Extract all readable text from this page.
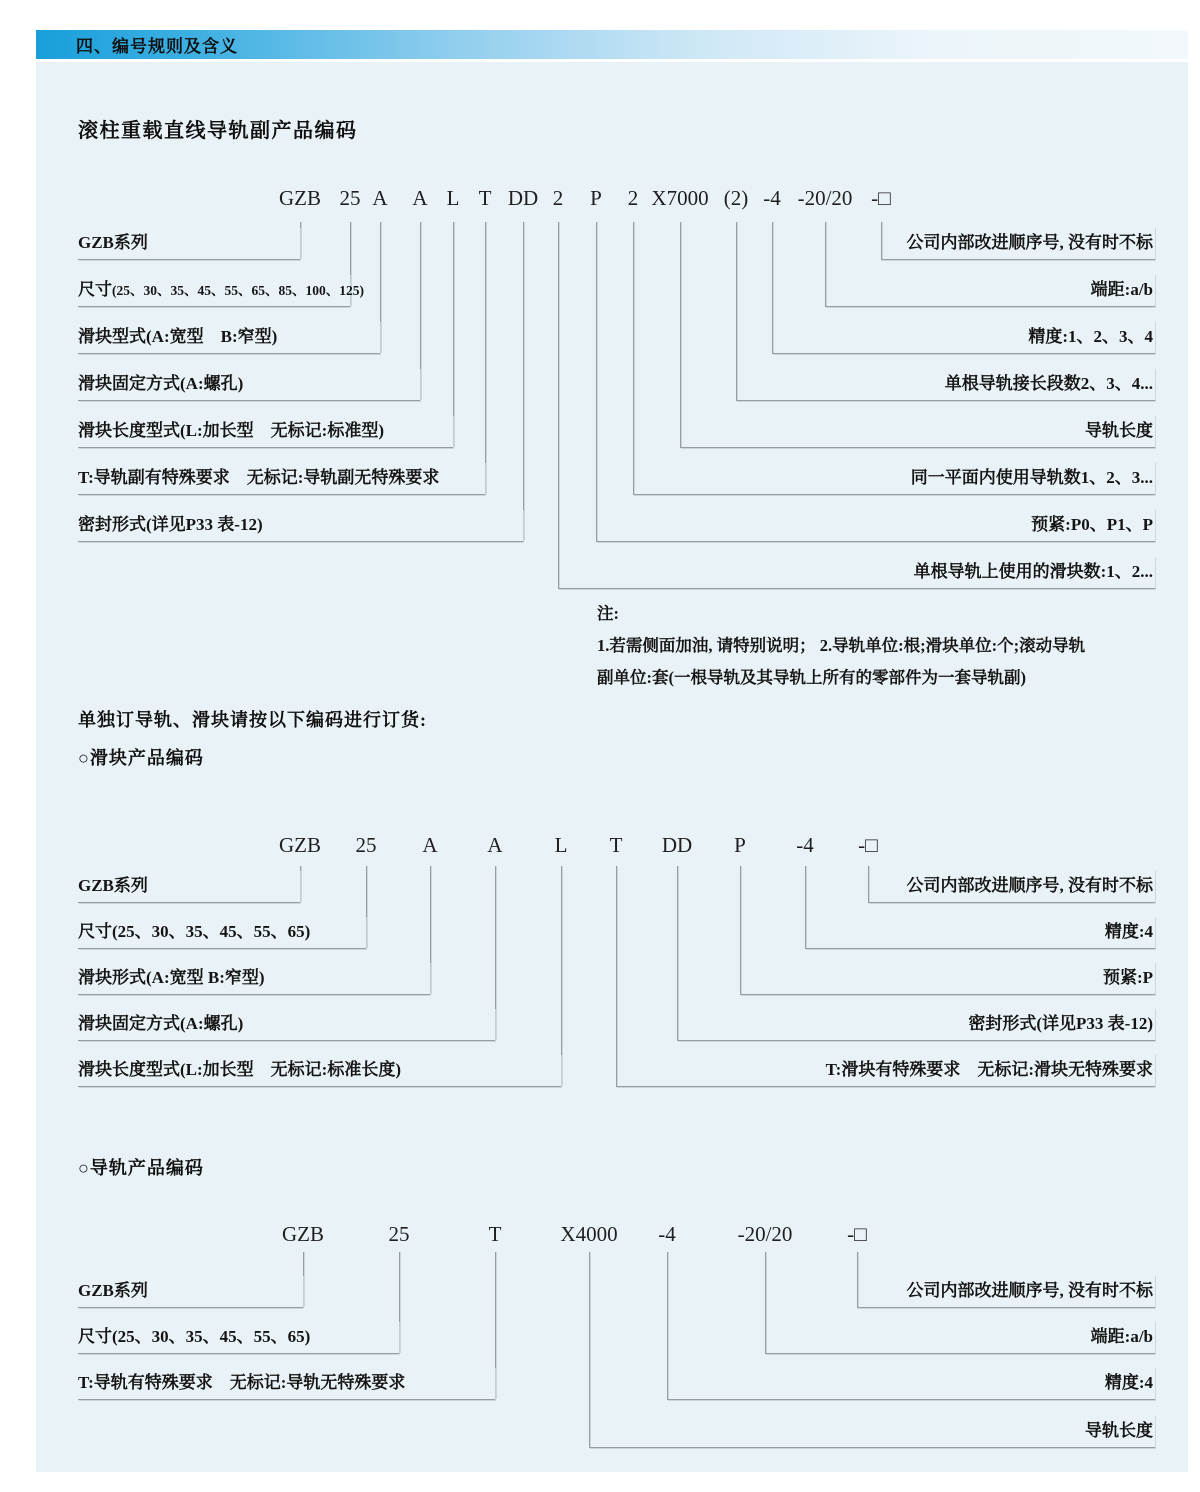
四、编号规则及含义
滚柱重载直线导轨副产品编码
单独订导轨、滑块请按以下编码进行订货:
○滑块产品编码
○导轨产品编码
注:
1.若需侧面加油, 请特别说明； 2.导轨单位:根;滑块单位:个;滚动导轨
副单位:套(一根导轨及其导轨上所有的零部件为一套导轨副)
GZB 25 A A L T DD 2 P 2 X7000 (2) -4 -20/20 -□
GZB系列
尺寸(25、30、35、45、55、65、85、100、125)
滑块型式(A:宽型　B:窄型)
滑块固定方式(A:螺孔)
滑块长度型式(L:加长型　无标记:标准型)
T:导轨副有特殊要求　无标记:导轨副无特殊要求
密封形式(详见P33 表-12)
公司内部改进顺序号, 没有时不标
端距:a/b
精度:1、2、3、4
单根导轨接长段数2、3、4...
导轨长度
同一平面内使用导轨数1、2、3...
预紧:P0、P1、P
单根导轨上使用的滑块数:1、2...
GZB 25 A A L T DD P -4 -□
GZB系列
尺寸(25、30、35、45、55、65)
滑块形式(A:宽型 B:窄型)
滑块固定方式(A:螺孔)
滑块长度型式(L:加长型　无标记:标准长度)
公司内部改进顺序号, 没有时不标
精度:4
预紧:P
密封形式(详见P33 表-12)
T:滑块有特殊要求　无标记:滑块无特殊要求
GZB	25	T	X4000 -4	-20/20	-□
GZB系列
尺寸(25、30、35、45、55、65)
T:导轨有特殊要求　无标记:导轨无特殊要求
公司内部改进顺序号, 没有时不标
端距:a/b
精度:4
导轨长度
